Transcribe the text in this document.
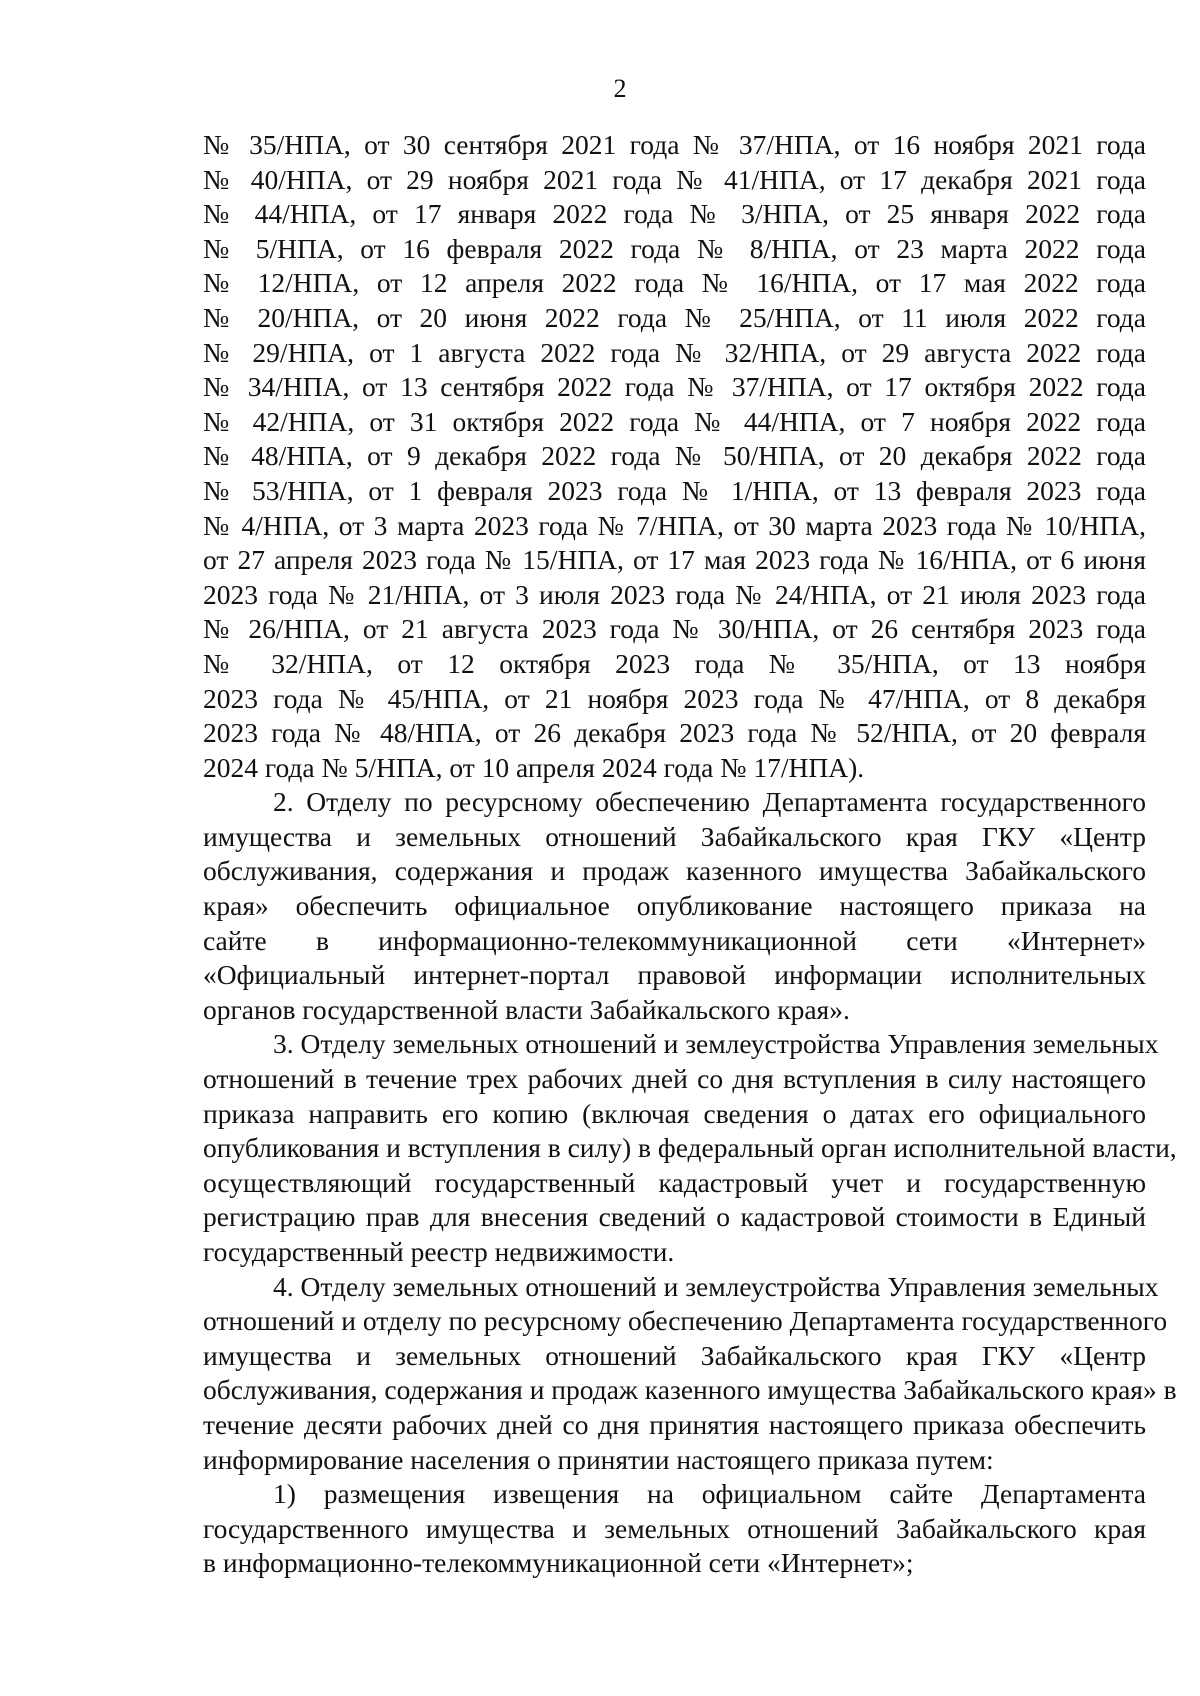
2
№ 35/НПА, от 30 сентября 2021 года № 37/НПА, от 16 ноября 2021 года
№ 40/НПА, от 29 ноября 2021 года № 41/НПА, от 17 декабря 2021 года
№ 44/НПА, от 17 января 2022 года № 3/НПА, от 25 января 2022 года
№ 5/НПА, от 16 февраля 2022 года № 8/НПА, от 23 марта 2022 года
№ 12/НПА, от 12 апреля 2022 года № 16/НПА, от 17 мая 2022 года
№ 20/НПА, от 20 июня 2022 года № 25/НПА, от 11 июля 2022 года
№ 29/НПА, от 1 августа 2022 года № 32/НПА, от 29 августа 2022 года
№ 34/НПА, от 13 сентября 2022 года № 37/НПА, от 17 октября 2022 года
№ 42/НПА, от 31 октября 2022 года № 44/НПА, от 7 ноября 2022 года
№ 48/НПА, от 9 декабря 2022 года № 50/НПА, от 20 декабря 2022 года
№ 53/НПА, от 1 февраля 2023 года № 1/НПА, от 13 февраля 2023 года
№ 4/НПА, от 3 марта 2023 года № 7/НПА, от 30 марта 2023 года № 10/НПА,
от 27 апреля 2023 года № 15/НПА, от 17 мая 2023 года № 16/НПА, от 6 июня
2023 года № 21/НПА, от 3 июля 2023 года № 24/НПА, от 21 июля 2023 года
№ 26/НПА, от 21 августа 2023 года № 30/НПА, от 26 сентября 2023 года
№ 32/НПА, от 12 октября 2023 года № 35/НПА, от 13 ноября
2023 года № 45/НПА, от 21 ноября 2023 года № 47/НПА, от 8 декабря
2023 года № 48/НПА, от 26 декабря 2023 года № 52/НПА, от 20 февраля
2024 года № 5/НПА, от 10 апреля 2024 года № 17/НПА).
2. Отделу по ресурсному обеспечению Департамента государственного
имущества и земельных отношений Забайкальского края ГКУ «Центр
обслуживания, содержания и продаж казенного имущества Забайкальского
края» обеспечить официальное опубликование настоящего приказа на
сайте в информационно-телекоммуникационной сети «Интернет»
«Официальный интернет-портал правовой информации исполнительных
органов государственной власти Забайкальского края».
3. Отделу земельных отношений и землеустройства Управления земельных
отношений в течение трех рабочих дней со дня вступления в силу настоящего
приказа направить его копию (включая сведения о датах его официального
опубликования и вступления в силу) в федеральный орган исполнительной власти,
осуществляющий государственный кадастровый учет и государственную
регистрацию прав для внесения сведений о кадастровой стоимости в Единый
государственный реестр недвижимости.
4. Отделу земельных отношений и землеустройства Управления земельных
отношений и отделу по ресурсному обеспечению Департамента государственного
имущества и земельных отношений Забайкальского края ГКУ «Центр
обслуживания, содержания и продаж казенного имущества Забайкальского края» в
течение десяти рабочих дней со дня принятия настоящего приказа обеспечить
информирование населения о принятии настоящего приказа путем:
1) размещения извещения на официальном сайте Департамента
государственного имущества и земельных отношений Забайкальского края
в информационно-телекоммуникационной сети «Интернет»;
